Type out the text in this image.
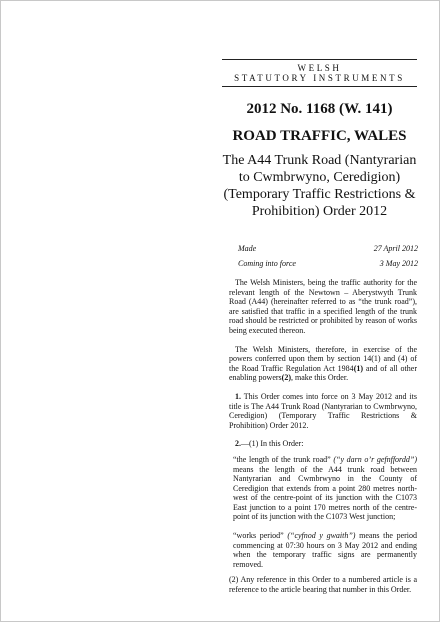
WELSH
STATUTORY INSTRUMENTS
2012 No. 1168 (W. 141)
ROAD TRAFFIC, WALES
The A44 Trunk Road (Nantyrarian to Cwmbrwyno, Ceredigion) (Temporary Traffic Restrictions & Prohibition) Order 2012
Made	27 April 2012
Coming into force	3 May 2012

The Welsh Ministers, being the traffic authority for the relevant length of the Newtown – Aberystwyth Trunk Road (A44) (hereinafter referred to as “the trunk road”), are satisfied that traffic in a specified length of the trunk road should be restricted or prohibited by reason of works being executed thereon.

The Welsh Ministers, therefore, in exercise of the powers conferred upon them by section 14(1) and (4) of the Road Traffic Regulation Act 1984(1) and of all other enabling powers(2), make this Order.

1. This Order comes into force on 3 May 2012 and its title is The A44 Trunk Road (Nantyrarian to Cwmbrwyno, Ceredigion) (Temporary Traffic Restrictions & Prohibition) Order 2012.

2.—(1) In this Order:

“the length of the trunk road” (“y darn o’r gefnffordd”) means the length of the A44 trunk road between Nantyrarian and Cwmbrwyno in the County of Ceredigion that extends from a point 280 metres north-west of the centre-point of its junction with the C1073 East junction to a point 170 metres north of the centre-point of its junction with the C1073 West junction;

“works period” (“cyfnod y gwaith”) means the period commencing at 07:30 hours on 3 May 2012 and ending when the temporary traffic signs are permanently removed.

(2) Any reference in this Order to a numbered article is a reference to the article bearing that number in this Order.
